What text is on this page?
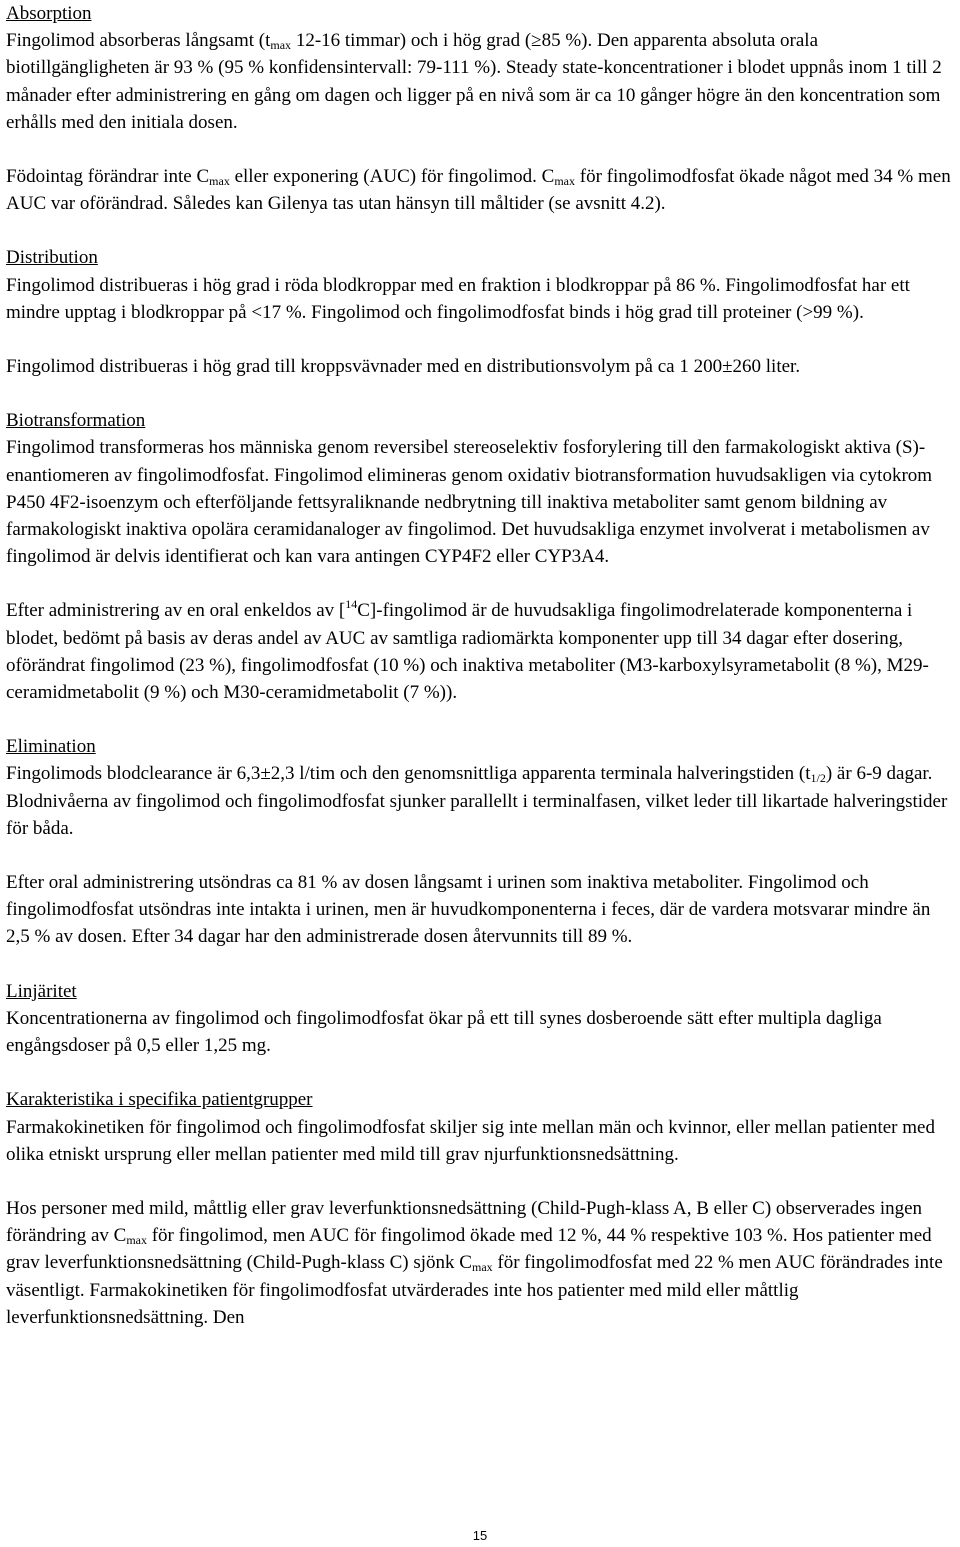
Absorption

Fingolimod absorberas långsamt ($t_{max}$ 12-16 timmar) och i hög grad (≥85 %). Den apparenta absoluta orala biotillgängligheten är 93 % (95 % konfidensintervall: 79-111 %). Steady state-koncentrationer i blodet uppnås inom 1 till 2 månader efter administrering en gång om dagen och ligger på en nivå som är ca 10 gånger högre än den koncentration som erhålls med den initiala dosen.

Födointag förändrar inte $C_{max}$ eller exponering (AUC) för fingolimod. $C_{max}$ för fingolimodfosfat ökade något med 34 % men AUC var oförändrad. Således kan Gilenya tas utan hänsyn till måltider (se avsnitt 4.2).

Distribution

Fingolimod distribueras i hög grad i röda blodkroppar med en fraktion i blodkroppar på 86 %. Fingolimodfosfat har ett mindre upptag i blodkroppar på <17 %. Fingolimod och fingolimodfosfat binds i hög grad till proteiner (>99 %).

Fingolimod distribueras i hög grad till kroppsvävnader med en distributionsvolym på ca 1 200±260 liter.

Biotransformation

Fingolimod transformeras hos människa genom reversibel stereoselektiv fosforylering till den farmakologiskt aktiva (S)-enantiomeren av fingolimodfosfat. Fingolimod elimineras genom oxidativ biotransformation huvudsakligen via cytokrom P450 4F2-isoenzym och efterföljande fettsyraliknande nedbrytning till inaktiva metaboliter samt genom bildning av farmakologiskt inaktiva opolära ceramidanaloger av fingolimod. Det huvudsakliga enzymet involverat i metabolismen av fingolimod är delvis identifierat och kan vara antingen CYP4F2 eller CYP3A4.

Efter administrering av en oral enkeldos av [$^{14}$C]-fingolimod är de huvudsakliga fingolimodrelaterade komponenterna i blodet, bedömt på basis av deras andel av AUC av samtliga radiomärkta komponenter upp till 34 dagar efter dosering, oförändrat fingolimod (23 %), fingolimodfosfat (10 %) och inaktiva metaboliter (M3-karboxylsyrametabolit (8 %), M29-ceramidmetabolit (9 %) och M30-ceramidmetabolit (7 %)).

Elimination

Fingolimods blodclearance är 6,3±2,3 l/tim och den genomsnittliga apparenta terminala halveringstiden $(t_{1/2})$ är 6-9 dagar. Blodnivåerna av fingolimod och fingolimodfosfat sjunker parallellt i terminalfasen, vilket leder till likartade halveringstider för båda.

Efter oral administrering utsöndras ca 81 % av dosen långsamt i urinen som inaktiva metaboliter. Fingolimod och fingolimodfosfat utsöndras inte intakta i urinen, men är huvudkomponenterna i feces, där de vardera motsvarar mindre än 2,5 % av dosen. Efter 34 dagar har den administrerade dosen återvunnits till 89 %.

Linjäritet

Koncentrationerna av fingolimod och fingolimodfosfat ökar på ett till synes dosberoende sätt efter multipla dagliga engångsdoser på 0,5 eller 1,25 mg.

Karakteristika i specifika patientgrupper

Farmakokinetiken för fingolimod och fingolimodfosfat skiljer sig inte mellan män och kvinnor, eller mellan patienter med olika etniskt ursprung eller mellan patienter med mild till grav njurfunktionsnedsättning.

Hos personer med mild, måttlig eller grav leverfunktionsnedsättning (Child-Pugh-klass A, B eller C) observerades ingen förändring av $C_{max}$ för fingolimod, men AUC för fingolimod ökade med 12 %, 44 % respektive 103 %. Hos patienter med grav leverfunktionsnedsättning (Child-Pugh-klass C) sjönk $C_{max}$ för fingolimodfosfat med 22 % men AUC förändrades inte väsentligt. Farmakokinetiken för fingolimodfosfat utvärderades inte hos patienter med mild eller måttlig leverfunktionsnedsättning. Den

15
